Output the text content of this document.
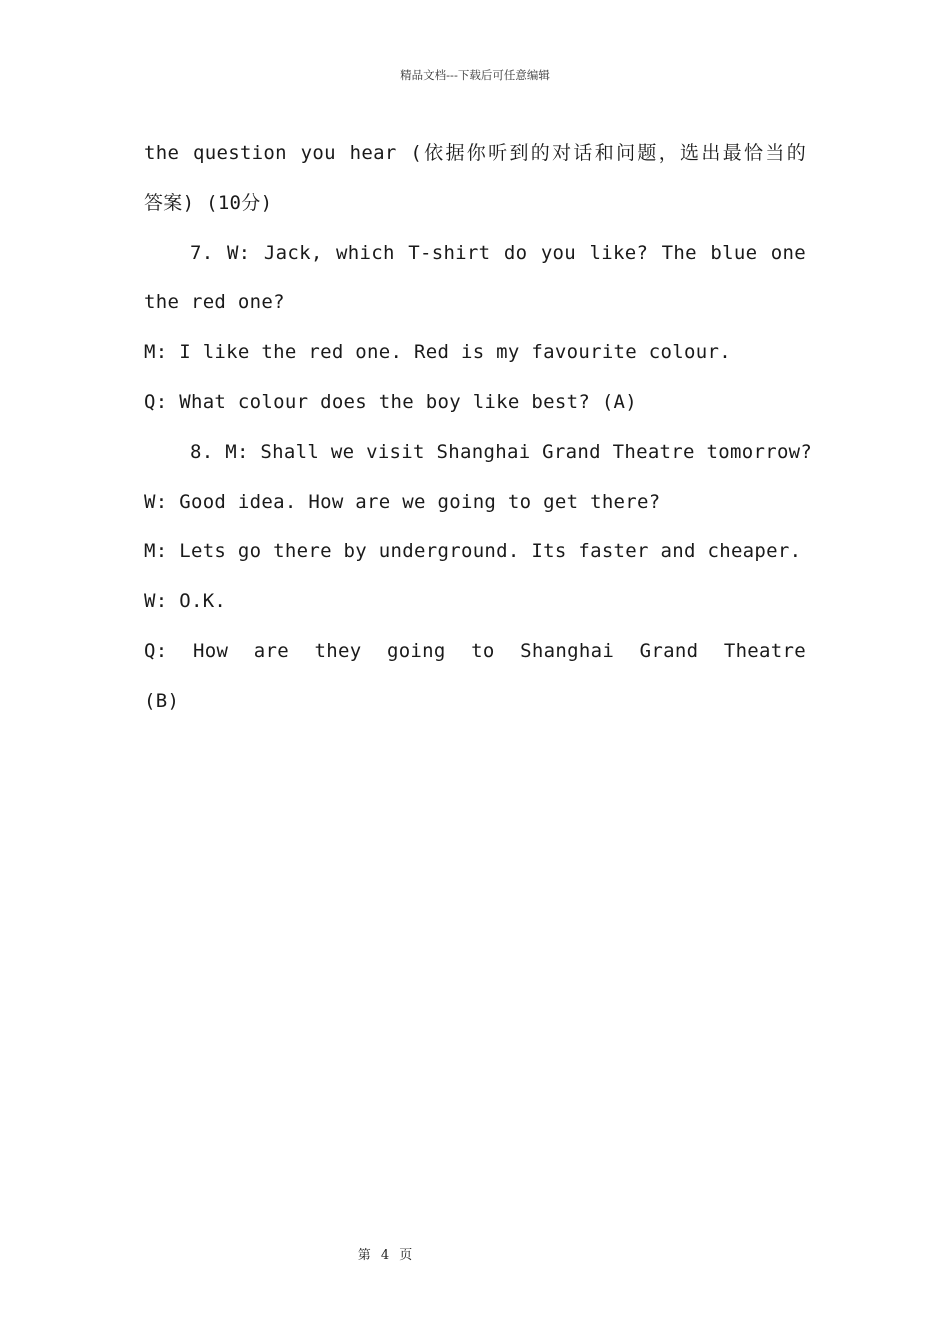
精品文档---下载后可任意编辑
the question you hear (依据你听到的对话和问题，选出最恰当的
答案) (10分)
7. W: Jack, which T-shirt do you like? The blue one
the red one?
M: I like the red one. Red is my favourite colour.
Q: What colour does the boy like best? (A)
8. M: Shall we visit Shanghai Grand Theatre tomorrow?
W: Good idea. How are we going to get there?
M: Lets go there by underground. Its faster and cheaper.
W: O.K.
Q: How are they going to Shanghai Grand Theatre
(B)
第 4 页
